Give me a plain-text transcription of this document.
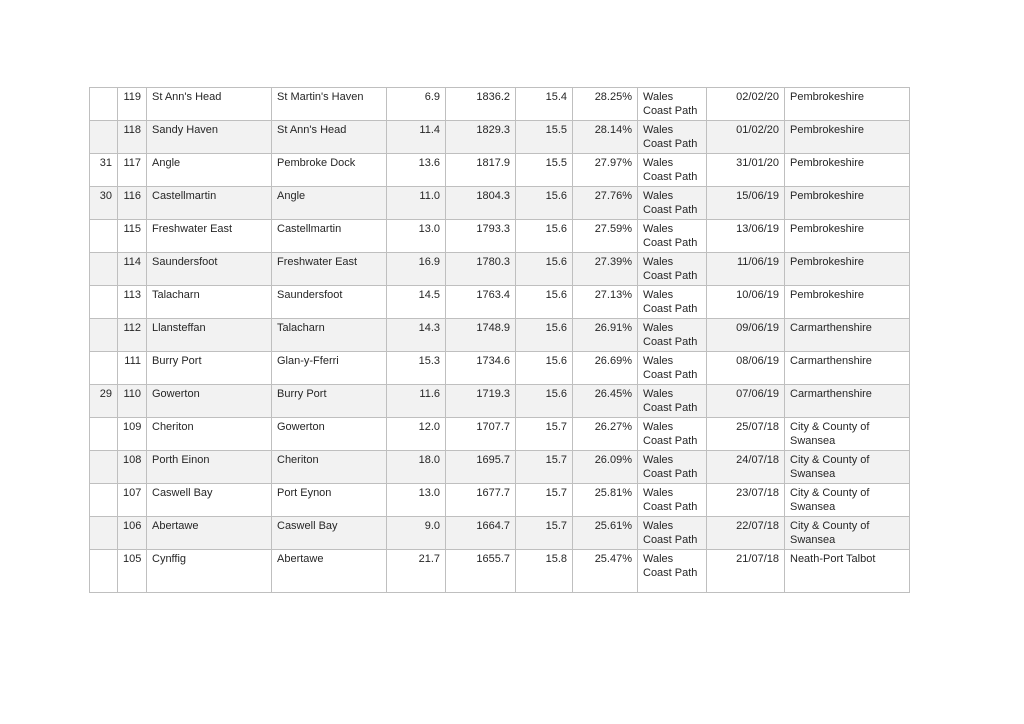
	119	St Ann's Head	St Martin's Haven	6.9	1836.2	15.4	28.25%	Wales Coast Path	02/02/20	Pembrokeshire
	118	Sandy Haven	St Ann's Head	11.4	1829.3	15.5	28.14%	Wales Coast Path	01/02/20	Pembrokeshire
31	117	Angle	Pembroke Dock	13.6	1817.9	15.5	27.97%	Wales Coast Path	31/01/20	Pembrokeshire
30	116	Castellmartin	Angle	11.0	1804.3	15.6	27.76%	Wales Coast Path	15/06/19	Pembrokeshire
	115	Freshwater East	Castellmartin	13.0	1793.3	15.6	27.59%	Wales Coast Path	13/06/19	Pembrokeshire
	114	Saundersfoot	Freshwater East	16.9	1780.3	15.6	27.39%	Wales Coast Path	11/06/19	Pembrokeshire
	113	Talacharn	Saundersfoot	14.5	1763.4	15.6	27.13%	Wales Coast Path	10/06/19	Pembrokeshire
	112	Llansteffan	Talacharn	14.3	1748.9	15.6	26.91%	Wales Coast Path	09/06/19	Carmarthenshire
	111	Burry Port	Glan-y-Fferri	15.3	1734.6	15.6	26.69%	Wales Coast Path	08/06/19	Carmarthenshire
29	110	Gowerton	Burry Port	11.6	1719.3	15.6	26.45%	Wales Coast Path	07/06/19	Carmarthenshire
	109	Cheriton	Gowerton	12.0	1707.7	15.7	26.27%	Wales Coast Path	25/07/18	City & County of Swansea
	108	Porth Einon	Cheriton	18.0	1695.7	15.7	26.09%	Wales Coast Path	24/07/18	City & County of Swansea
	107	Caswell Bay	Port Eynon	13.0	1677.7	15.7	25.81%	Wales Coast Path	23/07/18	City & County of Swansea
	106	Abertawe	Caswell Bay	9.0	1664.7	15.7	25.61%	Wales Coast Path	22/07/18	City & County of Swansea
	105	Cynffig	Abertawe	21.7	1655.7	15.8	25.47%	Wales Coast Path	21/07/18	Neath-Port Talbot
